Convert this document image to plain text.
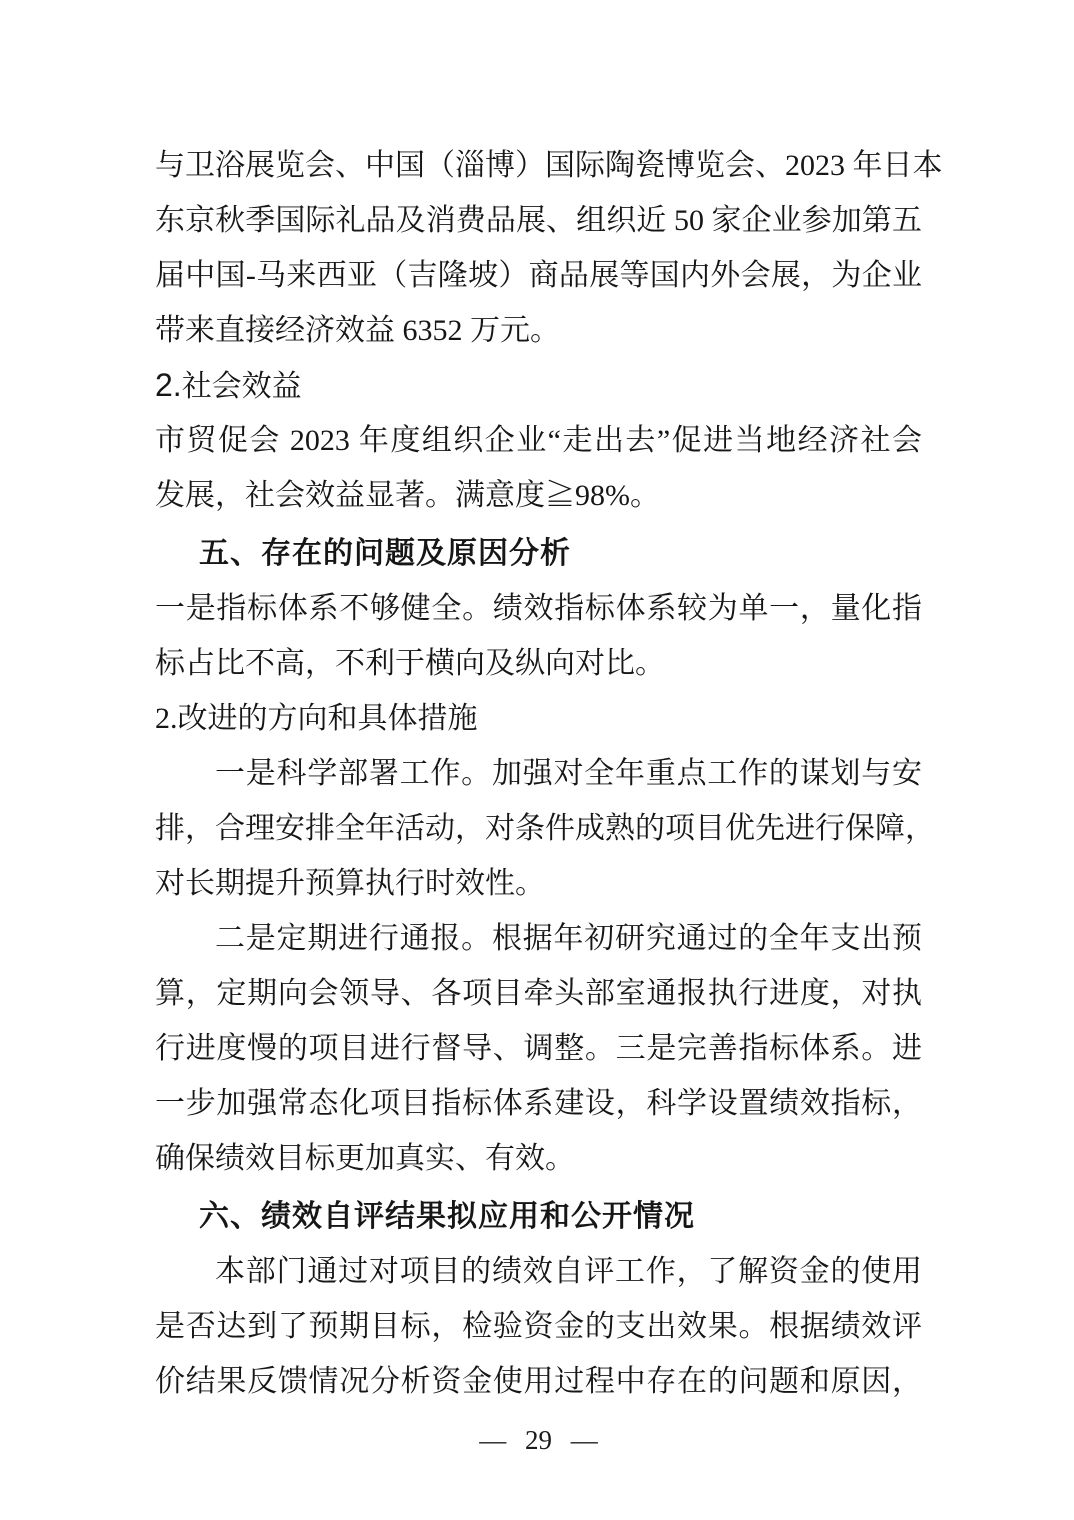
与卫浴展览会、中国（淄博）国际陶瓷博览会、2023 年日本
东京秋季国际礼品及消费品展、组织近 50 家企业参加第五
届中国-马来西亚（吉隆坡）商品展等国内外会展，为企业
带来直接经济效益 6352 万元。
2.社会效益
市贸促会 2023 年度组织企业“走出去”促进当地经济社会
发展，社会效益显著。满意度≧98%。
五、存在的问题及原因分析
一是指标体系不够健全。绩效指标体系较为单一，量化指
标占比不高，不利于横向及纵向对比。
2.改进的方向和具体措施
一是科学部署工作。加强对全年重点工作的谋划与安
排，合理安排全年活动，对条件成熟的项目优先进行保障，
对长期提升预算执行时效性。
二是定期进行通报。根据年初研究通过的全年支出预
算，定期向会领导、各项目牵头部室通报执行进度，对执
行进度慢的项目进行督导、调整。三是完善指标体系。进
一步加强常态化项目指标体系建设，科学设置绩效指标，
确保绩效目标更加真实、有效。
六、绩效自评结果拟应用和公开情况
本部门通过对项目的绩效自评工作，了解资金的使用
是否达到了预期目标，检验资金的支出效果。根据绩效评
价结果反馈情况分析资金使用过程中存在的问题和原因，
— 29 —
